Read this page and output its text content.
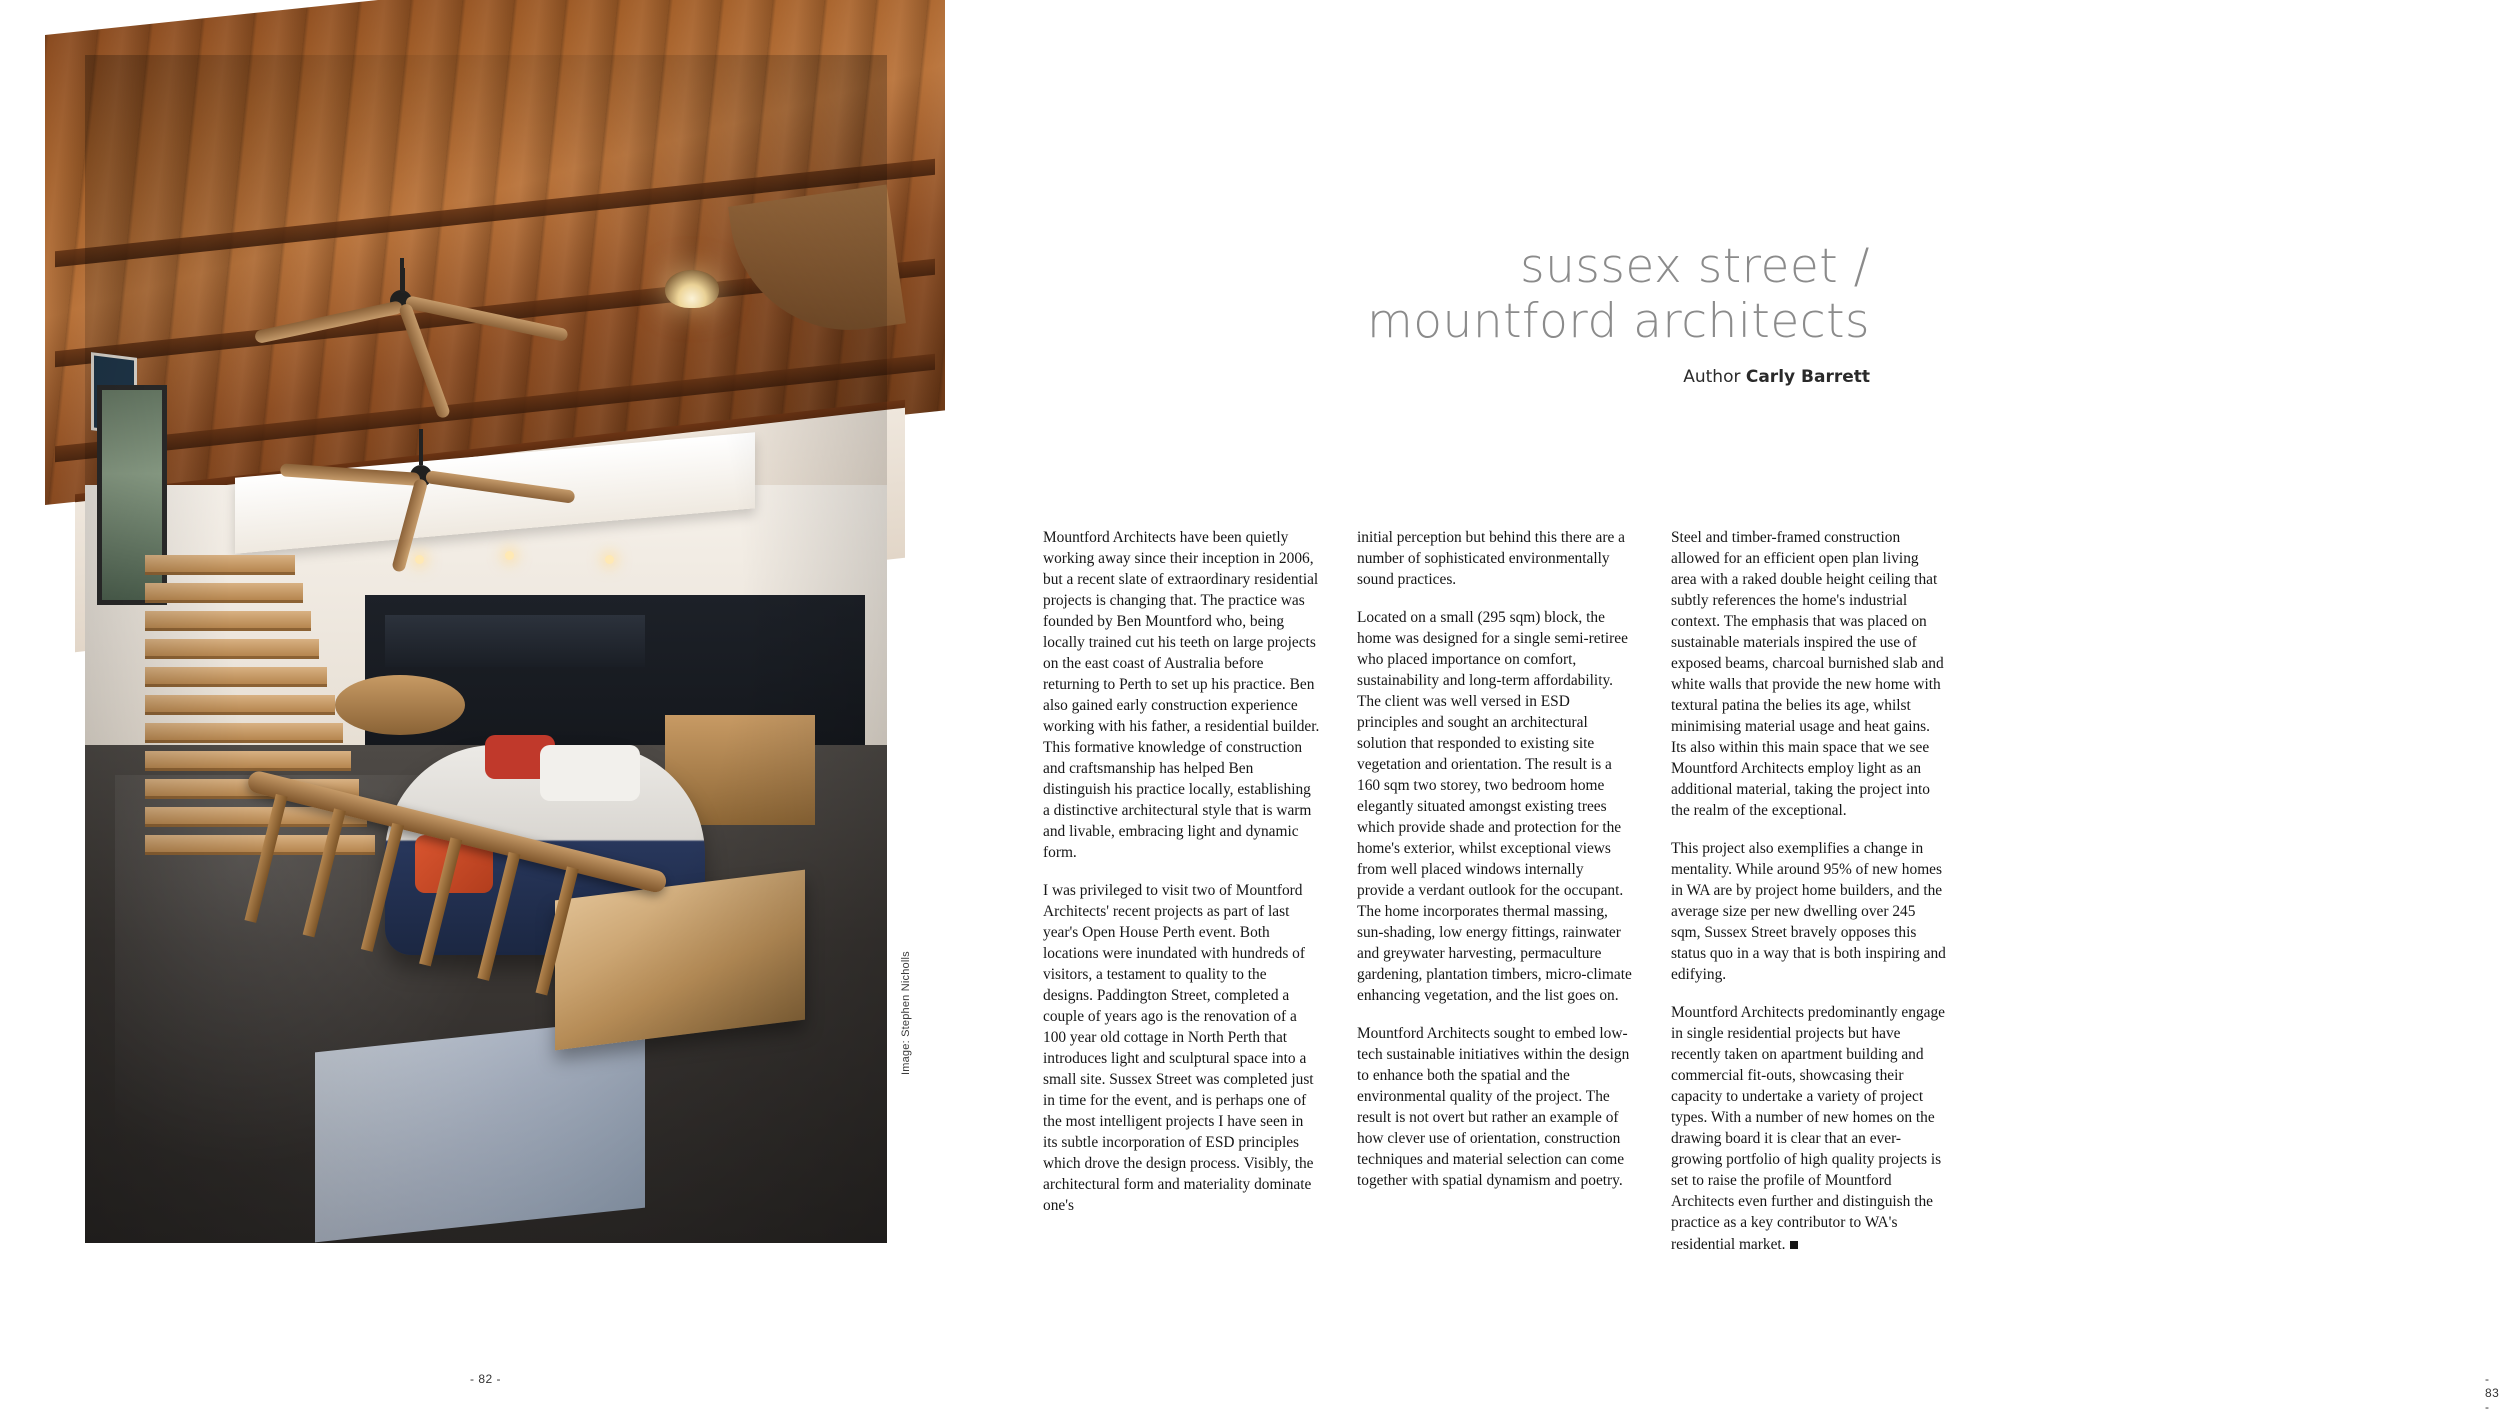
Image: Stephen Nicholls
- 82 -
sussex street /
mountford architects
Author Carly Barrett

Mountford Architects have been quietly working away since their inception in 2006, but a recent slate of extraordinary residential projects is changing that. The practice was founded by Ben Mountford who, being locally trained cut his teeth on large projects on the east coast of Australia before returning to Perth to set up his practice. Ben also gained early construction experience working with his father, a residential builder. This formative knowledge of construction and craftsmanship has helped Ben distinguish his practice locally, establishing a distinctive architectural style that is warm and livable, embracing light and dynamic form.

I was privileged to visit two of Mountford Architects' recent projects as part of last year's Open House Perth event. Both locations were inundated with hundreds of visitors, a testament to quality to the designs. Paddington Street, completed a couple of years ago is the renovation of a 100 year old cottage in North Perth that introduces light and sculptural space into a small site. Sussex Street was completed just in time for the event, and is perhaps one of the most intelligent projects I have seen in its subtle incorporation of ESD principles which drove the design process. Visibly, the architectural form and materiality dominate one's

initial perception but behind this there are a number of sophisticated environmentally sound practices.

Located on a small (295 sqm) block, the home was designed for a single semi-retiree who placed importance on comfort, sustainability and long-term affordability. The client was well versed in ESD principles and sought an architectural solution that responded to existing site vegetation and orientation. The result is a 160 sqm two storey, two bedroom home elegantly situated amongst existing trees which provide shade and protection for the home's exterior, whilst exceptional views from well placed windows internally provide a verdant outlook for the occupant. The home incorporates thermal massing, sun-shading, low energy fittings, rainwater and greywater harvesting, permaculture gardening, plantation timbers, micro-climate enhancing vegetation, and the list goes on.

Mountford Architects sought to embed low-tech sustainable initiatives within the design to enhance both the spatial and the environmental quality of the project. The result is not overt but rather an example of how clever use of orientation, construction techniques and material selection can come together with spatial dynamism and poetry.

Steel and timber-framed construction allowed for an efficient open plan living area with a raked double height ceiling that subtly references the home's industrial context. The emphasis that was placed on sustainable materials inspired the use of exposed beams, charcoal burnished slab and white walls that provide the new home with textural patina the belies its age, whilst minimising material usage and heat gains. Its also within this main space that we see Mountford Architects employ light as an additional material, taking the project into the realm of the exceptional.

This project also exemplifies a change in mentality. While around 95% of new homes in WA are by project home builders, and the average size per new dwelling over 245 sqm, Sussex Street bravely opposes this status quo in a way that is both inspiring and edifying.

Mountford Architects predominantly engage in single residential projects but have recently taken on apartment building and commercial fit-outs, showcasing their capacity to undertake a variety of project types. With a number of new homes on the drawing board it is clear that an ever-growing portfolio of high quality projects is set to raise the profile of Mountford Architects even further and distinguish the practice as a key contributor to WA's residential market.

- 83 -
